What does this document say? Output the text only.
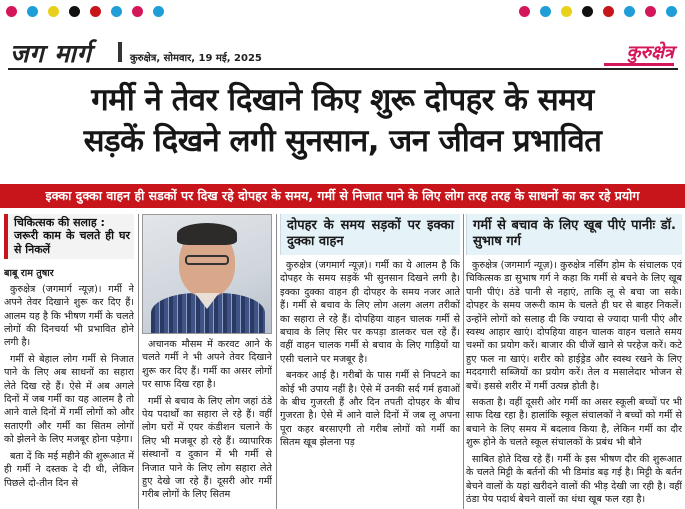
जग मार्ग	कुरुक्षेत्र, सोमवार, 19 मई, 2025	कुरुक्षेत्र
गर्मी ने तेवर दिखाने किए शुरू दोपहर के समय
सड़कें दिखने लगी सुनसान, जन जीवन प्रभावित
इक्का दुक्का वाहन ही सडकों पर दिख रहे दोपहर के समय, गर्मी से निजात पाने के लिए लोग तरह तरह के साधनों का कर रहे प्रयोग
चिकित्सक की सलाह :
जरूरी काम के चलते ही घर से निकलें
बाबू राम तुषार

कुरुक्षेत्र (जगमार्ग न्यूज़)। गर्मी ने अपने तेवर दिखाने शुरू कर दिए हैं। आलम यह है कि भीषण गर्मी के चलते लोगों की दिनचर्या भी प्रभावित होने लगी है।

गर्मी से बेहाल लोग गर्मी से निजात पाने के लिए अब साधनों का सहारा लेते दिख रहे हैं। ऐसे में अब अगले दिनों में जब गर्मी का यह आलम है तो आने वाले दिनों में गर्मी लोगों को और सताएगी और गर्मी का सितम लोगों को झेलने के लिए मजबूर होना पड़ेगा।

बता दें कि मई महीने की शुरूआत में ही गर्मी ने दस्तक दे दी थी, लेकिन पिछले दो-तीन दिन से

अचानक मौसम में करवट आने के चलते गर्मी ने भी अपने तेवर दिखाने शुरू कर दिए हैं। गर्मी का असर लोगों पर साफ दिख रहा है।

गर्मी से बचाव के लिए लोग जहां ठंडे पेय पदार्थों का सहारा ले रहे हैं। वहीं लोग घरों में एयर कंडीशन चलाने के लिए भी मजबूर हो रहे हैं। व्यापारिक संस्थानों व दुकान में भी गर्मी से निजात पाने के लिए लोग सहारा लेते हुए देखे जा रहे हैं। दूसरी ओर गर्मी गरीब लोगों के लिए सितम

दोपहर के समय सड़कों पर इक्का दुक्का वाहन

कुरुक्षेत्र (जगमार्ग न्यूज़)। गर्मी का ये आलम है कि दोपहर के समय सड़कें भी सुनसान दिखने लगी है। इक्का दुक्का वाहन ही दोपहर के समय नजर आते हैं। गर्मी से बचाव के लिए लोग अलग अलग तरीकों का सहारा ले रहे हैं। दोपहिया वाहन चालक गर्मी से बचाव के लिए सिर पर कपड़ा डालकर चल रहे हैं। वहीं वाहन चालक गर्मी से बचाव के लिए गाड़ियों या एसी चलाने पर मजबूर है।

बनकर आई है। गरीबों के पास गर्मी से निपटने का कोई भी उपाय नहीं है। ऐसे में उनकी सर्द गर्म हवाओं के बीच गुजरती हैं और दिन तपती दोपहर के बीच गुजरता है। ऐसे में आने वाले दिनों में जब लू अपना पूरा कहर बरसाएगी तो गरीब लोगों को गर्मी का सितम खूब झेलना पड़

गर्मी से बचाव के लिए खूब पीएं पानीः डॉ. सुभाष गर्ग

कुरुक्षेत्र (जगमार्ग न्यूज़)। कुरुक्षेत्र नर्सिंग होम के संचालक एवं चिकित्सक डा सुभाष गर्ग ने कहा कि गर्मी से बचने के लिए खूब पानी पीएं। ठंडे पानी से नहाएं, ताकि लू से बचा जा सके। दोपहर के समय जरूरी काम के चलते ही घर से बाहर निकलें। उन्होंने लोगों को सलाह दी कि ज्यादा से ज्यादा पानी पीएं और स्वस्थ आहार खाएं। दोपहिया वाहन चालक वाहन चलाते समय चश्मों का प्रयोग करें। बाजार की चीजें खाने से परहेज करें। कटे हुए फल ना खाएं। शरीर को हाईड्रेड और स्वस्थ रखने के लिए मददगारी सब्जियों का प्रयोग करें। तेल व मसालेदार भोजन से बचें। इससे शरीर में गर्मी उत्पन्न होती है।

सकता है। वहीं दूसरी ओर गर्मी का असर स्कूली बच्चों पर भी साफ दिख रहा है। हालांकि स्कूल संचालकों ने बच्चों को गर्मी से बचाने के लिए समय में बदलाव किया है, लेकिन गर्मी का दौर शुरू होने के चलते स्कूल संचालकों के प्रबंध भी बौने

साबित होते दिख रहे हैं। गर्मी के इस भीषण दौर की शुरूआत के चलते मिट्टी के बर्तनों की भी डिमांड बढ़ गई है। मिट्टी के बर्तन बेचने वालों के यहां खरीदने वालों की भीड़ देखी जा रही है। वहीं ठंडा पेय पदार्थ बेचने वालों का धंधा खूब फल रहा है।
